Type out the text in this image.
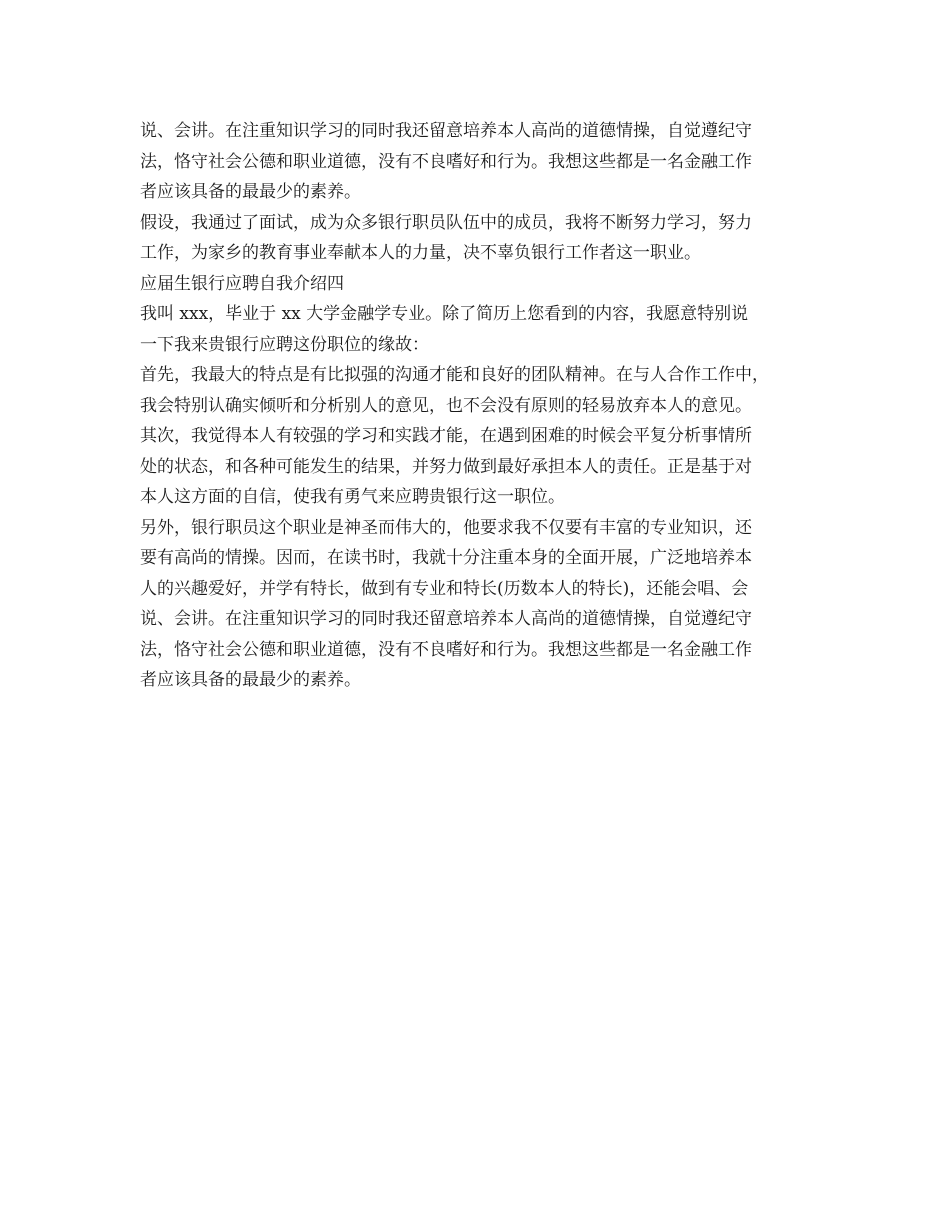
说、会讲。在注重知识学习的同时我还留意培养本人高尚的道德情操，自觉遵纪守
法，恪守社会公德和职业道德，没有不良嗜好和行为。我想这些都是一名金融工作
者应该具备的最最少的素养。
假设，我通过了面试，成为众多银行职员队伍中的成员，我将不断努力学习，努力
工作，为家乡的教育事业奉献本人的力量，决不辜负银行工作者这一职业。
应届生银行应聘自我介绍四
我叫 xxx，毕业于 xx 大学金融学专业。除了简历上您看到的内容，我愿意特别说
一下我来贵银行应聘这份职位的缘故：
首先，我最大的特点是有比拟强的沟通才能和良好的团队精神。在与人合作工作中，
我会特别认确实倾听和分析别人的意见，也不会没有原则的轻易放弃本人的意见。
其次，我觉得本人有较强的学习和实践才能，在遇到困难的时候会平复分析事情所
处的状态，和各种可能发生的结果，并努力做到最好承担本人的责任。正是基于对
本人这方面的自信，使我有勇气来应聘贵银行这一职位。
另外，银行职员这个职业是神圣而伟大的，他要求我不仅要有丰富的专业知识，还
要有高尚的情操。因而，在读书时，我就十分注重本身的全面开展，广泛地培养本
人的兴趣爱好，并学有特长，做到有专业和特长(历数本人的特长)，还能会唱、会
说、会讲。在注重知识学习的同时我还留意培养本人高尚的道德情操，自觉遵纪守
法，恪守社会公德和职业道德，没有不良嗜好和行为。我想这些都是一名金融工作
者应该具备的最最少的素养。
